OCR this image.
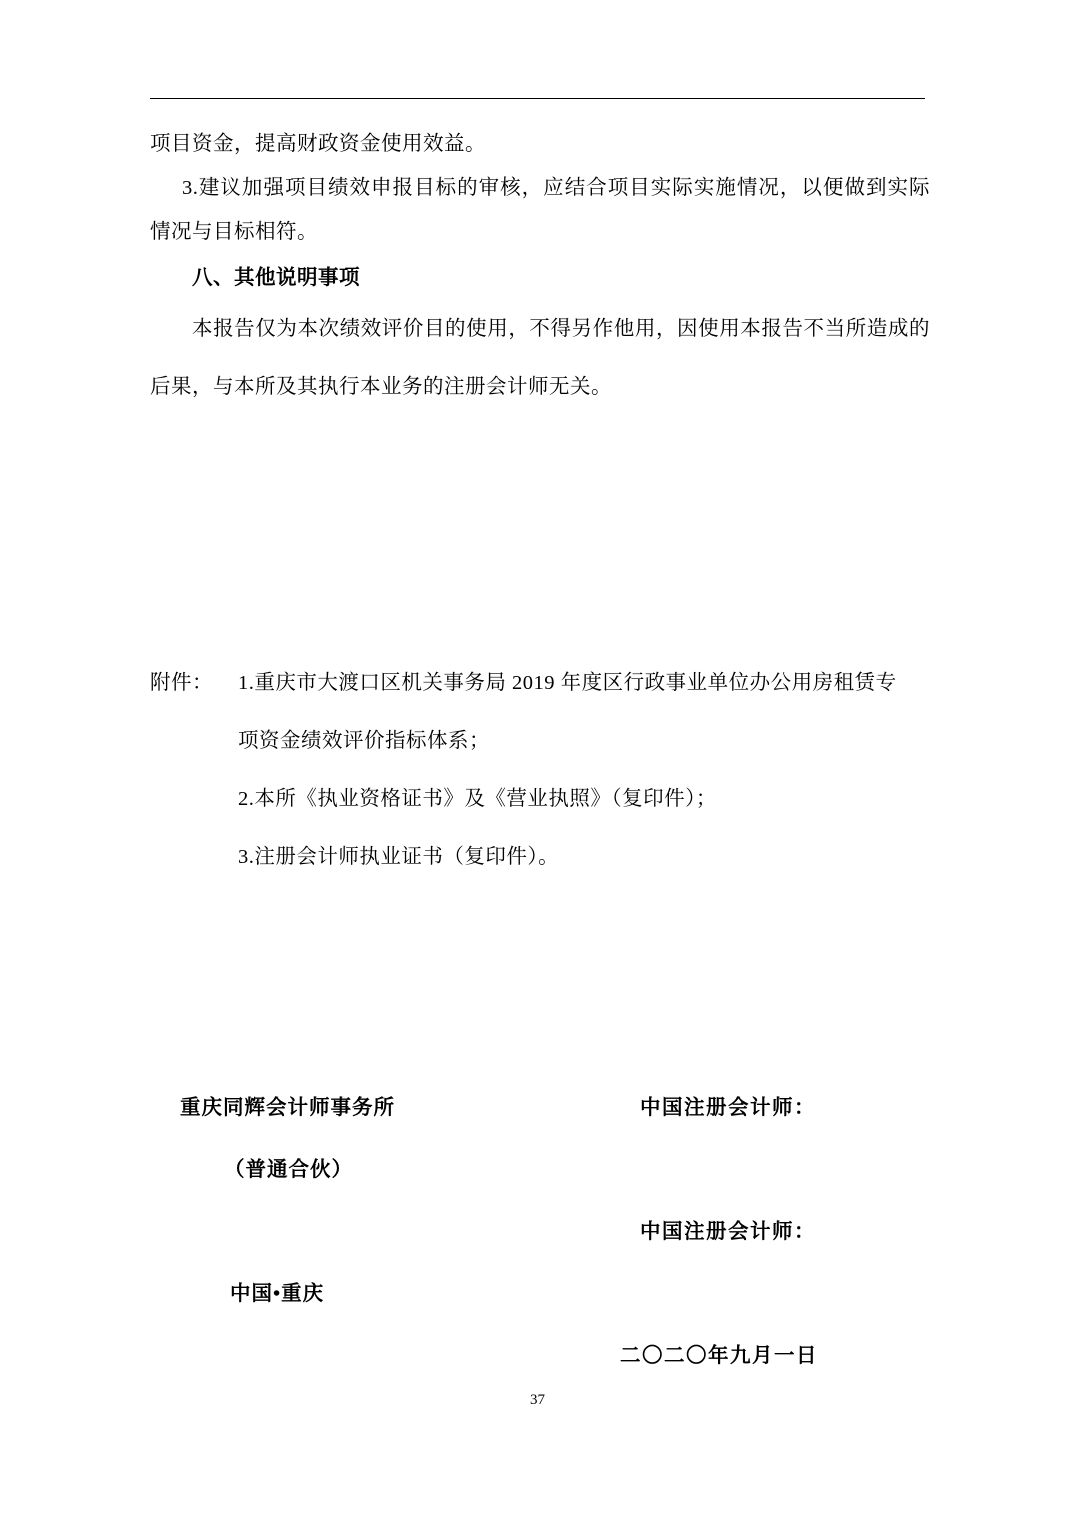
项目资金，提高财政资金使用效益。

3.建议加强项目绩效申报目标的审核，应结合项目实际实施情况，以便做到实际情况与目标相符。

八、其他说明事项

本报告仅为本次绩效评价目的使用，不得另作他用，因使用本报告不当所造成的后果，与本所及其执行本业务的注册会计师无关。

附件： 1.重庆市大渡口区机关事务局 2019 年度区行政事业单位办公用房租赁专

项资金绩效评价指标体系；

2.本所《执业资格证书》及《营业执照》（复印件）；

3.注册会计师执业证书（复印件）。

重庆同辉会计师事务所	中国注册会计师：
（普通合伙）
中国注册会计师：
中国•重庆
二〇二〇年九月一日
37
